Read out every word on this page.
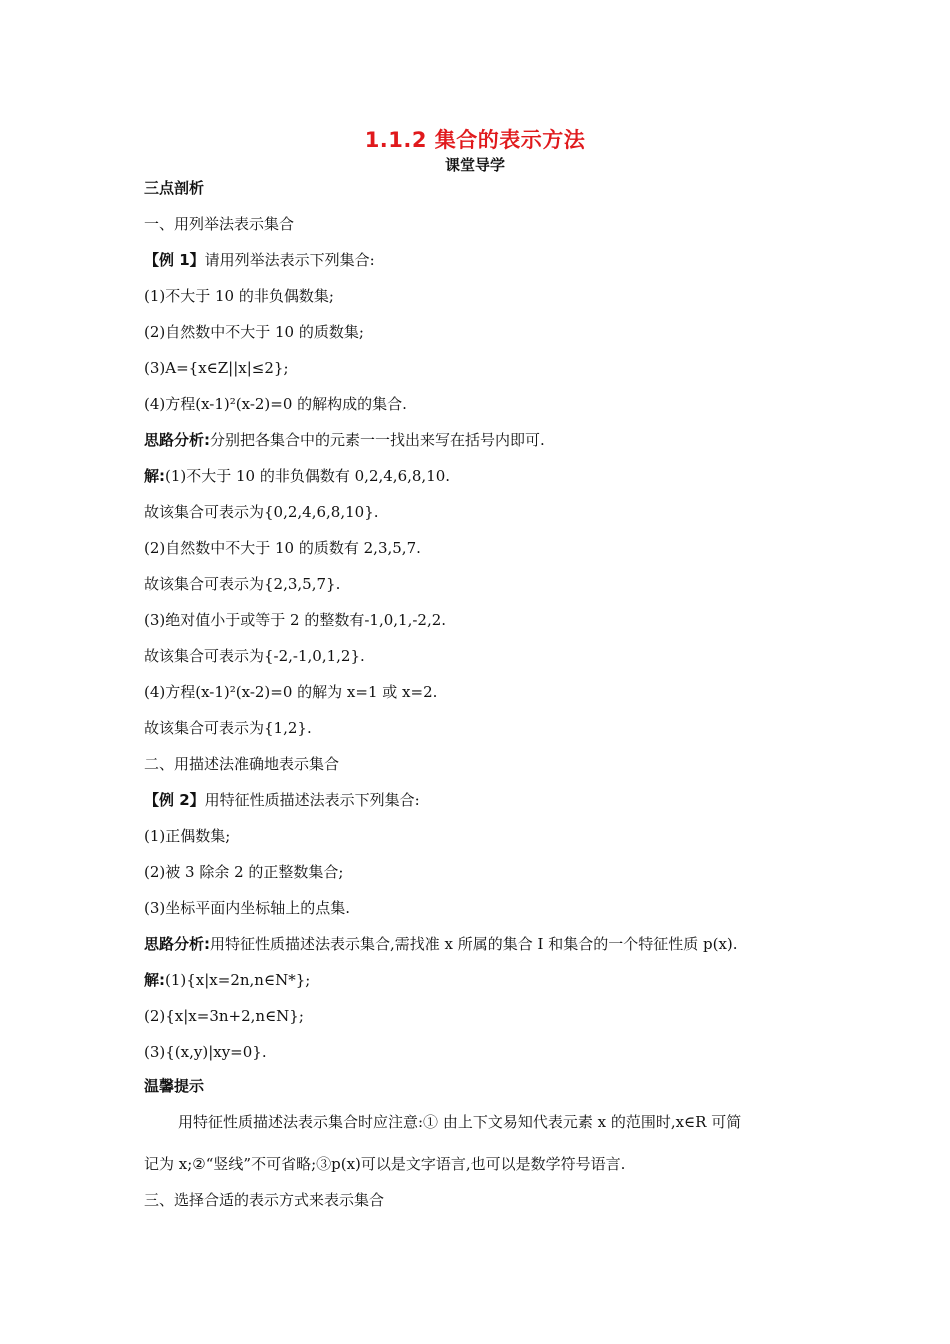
1.1.2 集合的表示方法
课堂导学
三点剖析
一、用列举法表示集合
【例 1】请用列举法表示下列集合:
(1)不大于 10 的非负偶数集;
(2)自然数中不大于 10 的质数集;
(3)A={x∈Z||x|≤2};
(4)方程(x-1)²(x-2)=0 的解构成的集合.
思路分析:分别把各集合中的元素一一找出来写在括号内即可.
解:(1)不大于 10 的非负偶数有 0,2,4,6,8,10.
故该集合可表示为{0,2,4,6,8,10}.
(2)自然数中不大于 10 的质数有 2,3,5,7.
故该集合可表示为{2,3,5,7}.
(3)绝对值小于或等于 2 的整数有-1,0,1,-2,2.
故该集合可表示为{-2,-1,0,1,2}.
(4)方程(x-1)²(x-2)=0 的解为 x=1 或 x=2.
故该集合可表示为{1,2}.
二、用描述法准确地表示集合
【例 2】用特征性质描述法表示下列集合:
(1)正偶数集;
(2)被 3 除余 2 的正整数集合;
(3)坐标平面内坐标轴上的点集.
思路分析:用特征性质描述法表示集合,需找准 x 所属的集合 I 和集合的一个特征性质 p(x).
解:(1){x|x=2n,n∈N*};
(2){x|x=3n+2,n∈N};
(3){(x,y)|xy=0}.
温馨提示
用特征性质描述法表示集合时应注意:① 由上下文易知代表元素 x 的范围时,x∈R 可简
记为 x;②“竖线”不可省略;③p(x)可以是文字语言,也可以是数学符号语言.
三、选择合适的表示方式来表示集合
